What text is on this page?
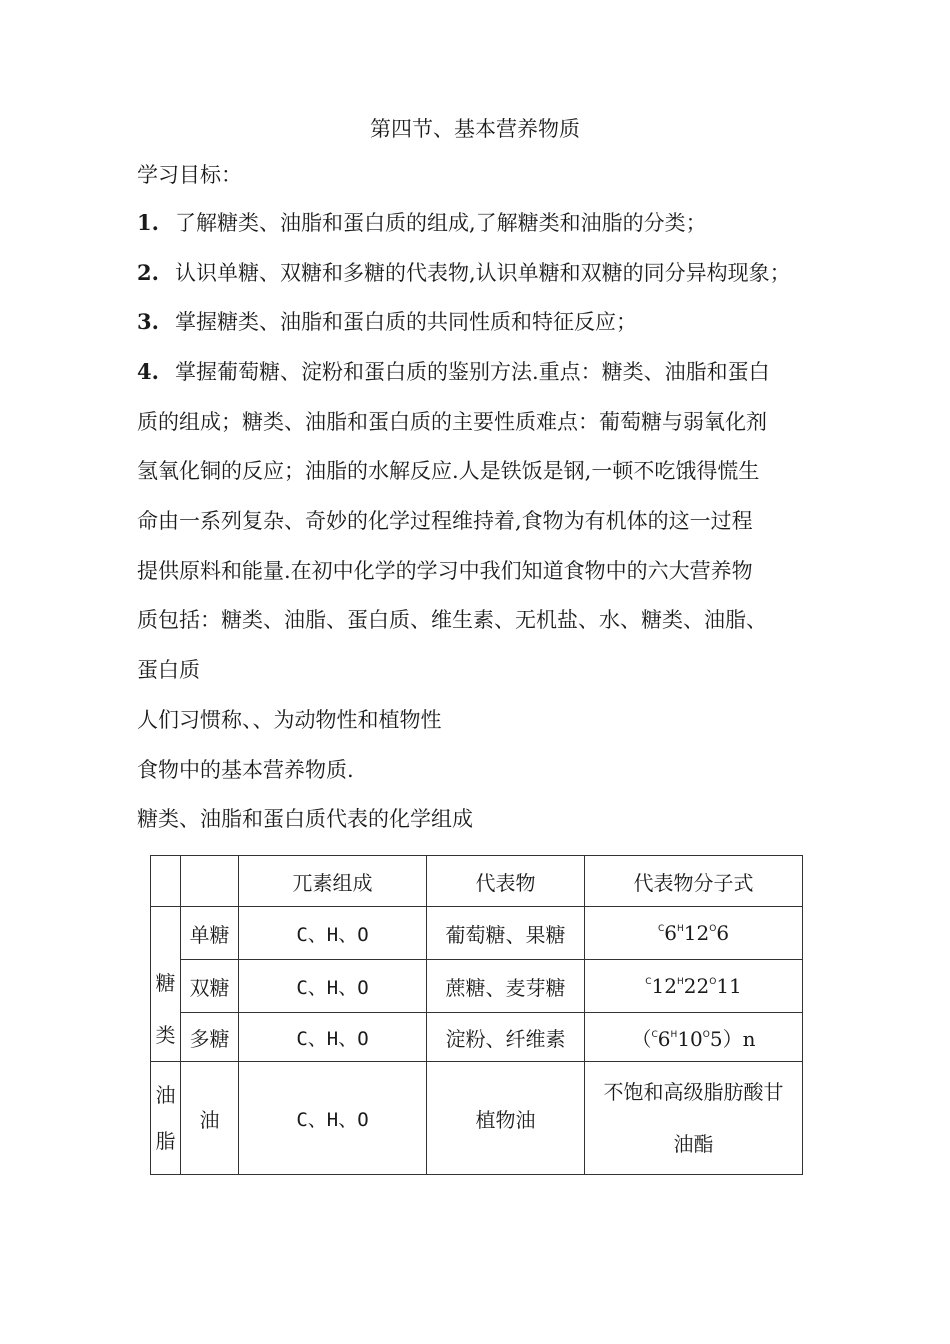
第四节、基本营养物质
学习目标：
1. 了解糖类、油脂和蛋白质的组成,了解糖类和油脂的分类；
2. 认识单糖、双糖和多糖的代表物,认识单糖和双糖的同分异构现象；
3. 掌握糖类、油脂和蛋白质的共同性质和特征反应；
4. 掌握葡萄糖、淀粉和蛋白质的鉴别方法.重点：糖类、油脂和蛋白
质的组成；糖类、油脂和蛋白质的主要性质难点：葡萄糖与弱氧化剂
氢氧化铜的反应；油脂的水解反应.人是铁饭是钢,一顿不吃饿得慌生
命由一系列复杂、奇妙的化学过程维持着,食物为有机体的这一过程
提供原料和能量.在初中化学的学习中我们知道食物中的六大营养物
质包括：糖类、油脂、蛋白质、维生素、无机盐、水、糖类、油脂、
蛋白质
人们习惯称、、为动物性和植物性
食物中的基本营养物质.
糖类、油脂和蛋白质代表的化学组成
		兀素组成	代表物	代表物分子式
糖类	单糖	C、H、O	葡萄糖、果糖	$^C6^H12^O6$
	双糖	C、H、O	蔗糖、麦芽糖	$^C12^H22^O11$
	多糖	C、H、O	淀粉、纤维素	$(^C6^H10^O5)n$
油脂	油	C、H、O	植物油	不饱和高级脂肪酸甘
油酯
